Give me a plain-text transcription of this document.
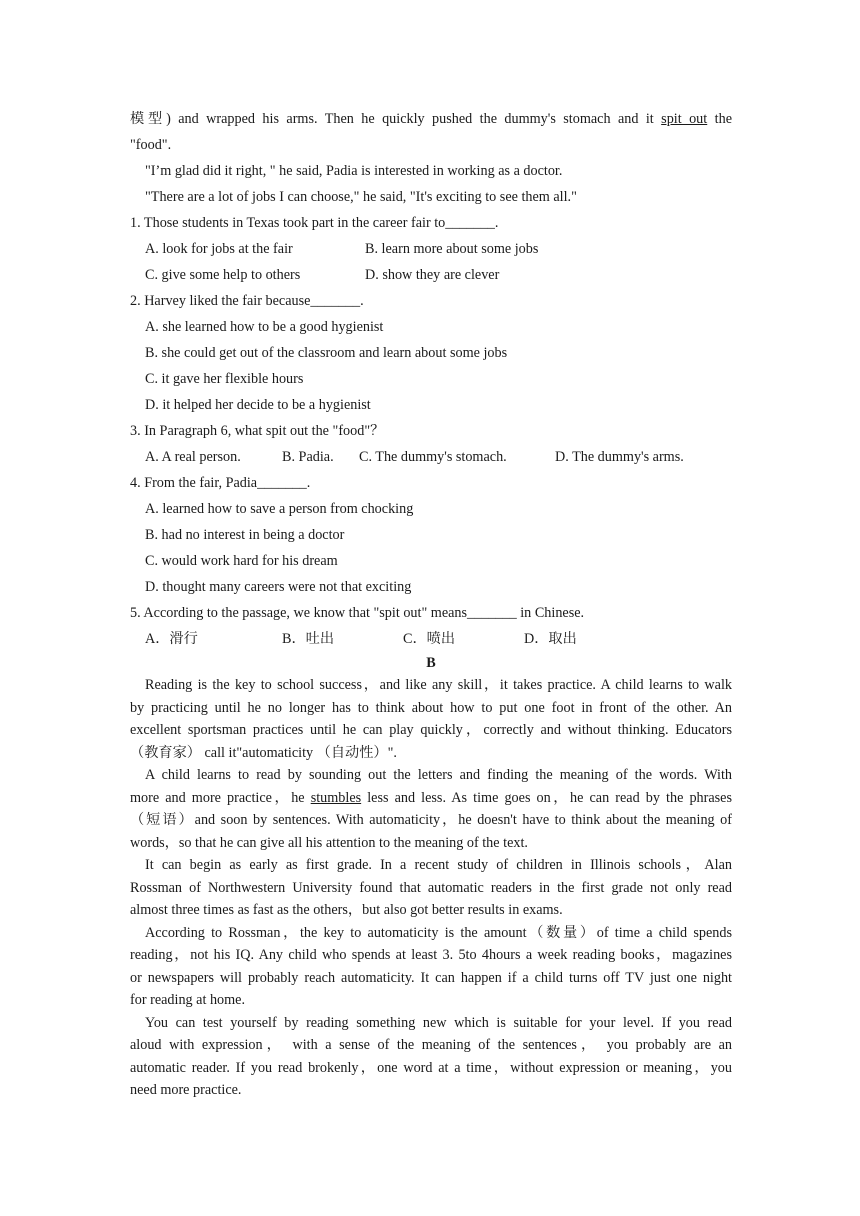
模型) and wrapped his arms. Then he quickly pushed the dummy's stomach and it spit out the
"food".
"I’m glad did it right, " he said, Padia is interested in working as a doctor.
"There are a lot of jobs I can choose," he said, "It's exciting to see them all."
1. Those students in Texas took part in the career fair to_______.
A. look for jobs at the fair	B. learn more about some jobs
C. give some help to others	D. show they are clever
2. Harvey liked the fair because_______.
A. she learned how to be a good hygienist
B. she could get out of the classroom and learn about some jobs
C. it gave her flexible hours
D. it helped her decide to be a hygienist
3. In Paragraph 6, what spit out the "food"？
A. A real person.	B. Padia.	C. The dummy's stomach.	D. The dummy's arms.
4. From the fair, Padia_______.
A. learned how to save a person from chocking
B. had no interest in being a doctor
C. would work hard for his dream
D. thought many careers were not that exciting
5. According to the passage, we know that "spit out" means_______ in Chinese.
A．滑行	B．吐出	C．喷出	D．取出
B
Reading is the key to school success，and like any skill，it takes practice. A child learns to walk
by practicing until he no longer has to think about how to put one foot in front of the other. An
excellent sportsman practices until he can play quickly，correctly and without thinking. Educators
（教育家） call it"automaticity （自动性）".
A child learns to read by sounding out the letters and finding the meaning of the words. With
more and more practice，he stumbles less and less. As time goes on，he can read by the phrases
（短语）and soon by sentences. With automaticity，he doesn't have to think about the meaning of
words，so that he can give all his attention to the meaning of the text.
It can begin as early as first grade. In a recent study of children in Illinois schools，Alan
Rossman of Northwestern University found that automatic readers in the first grade not only read
almost three times as fast as the others，but also got better results in exams.
According to Rossman，the key to automaticity is the amount（数量）of time a child spends
reading，not his IQ. Any child who spends at least 3. 5to 4hours a week reading books，magazines
or newspapers will probably reach automaticity. It can happen if a child turns off TV just one night
for reading at home.
You can test yourself by reading something new which is suitable for your level. If you read
aloud with expression， with a sense of the meaning of the sentences， you probably are an
automatic reader. If you read brokenly，one word at a time，without expression or meaning，you
need more practice.
